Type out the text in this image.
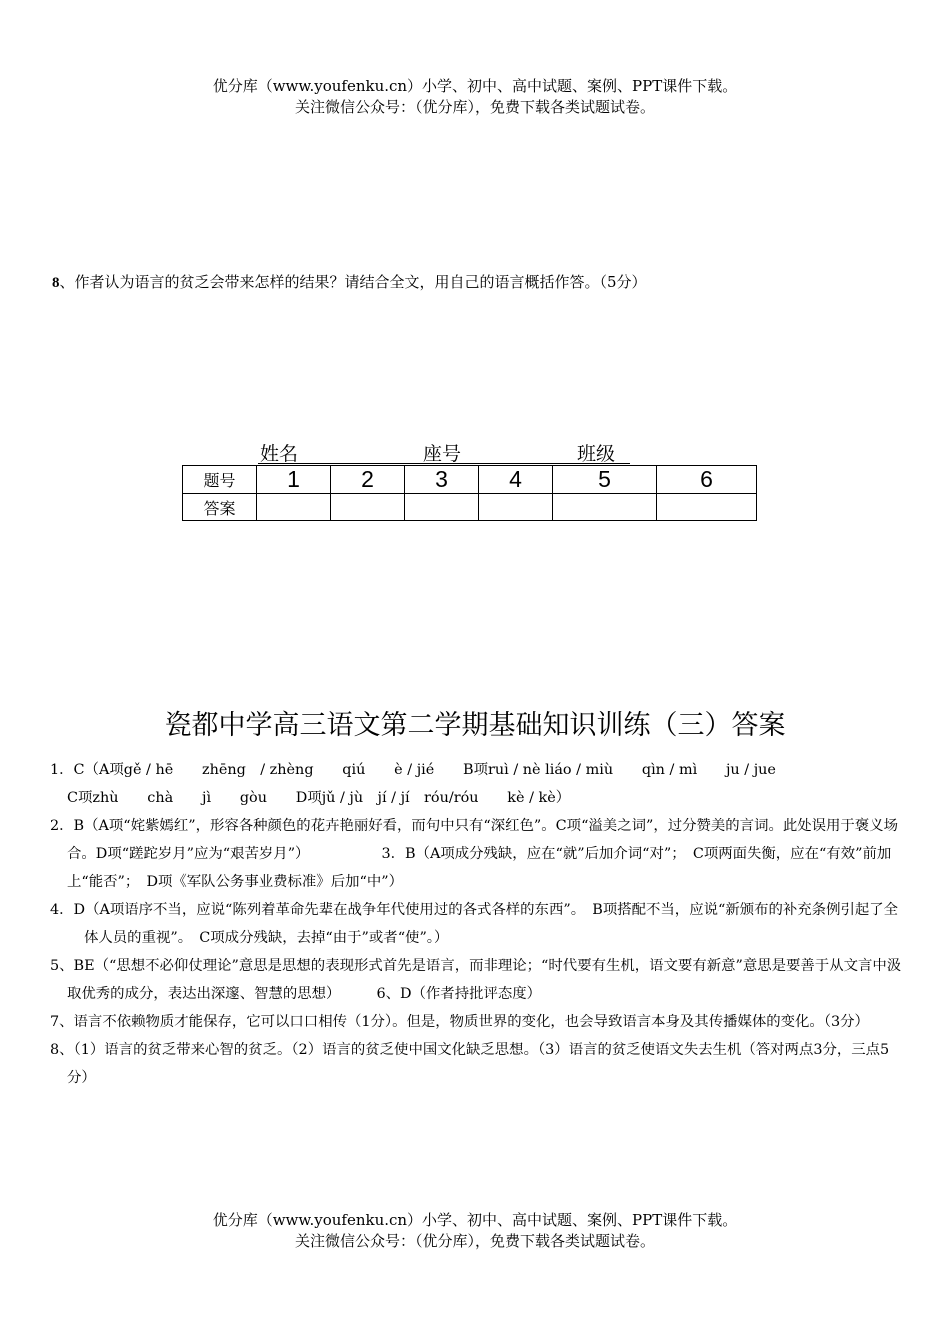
优分库（www.youfenku.cn）小学、初中、高中试题、案例、PPT课件下载。
关注微信公众号：（优分库），免费下载各类试题试卷。
8、作者认为语言的贫乏会带来怎样的结果？请结合全文，用自己的语言概括作答。（5分）
姓名	座号	班级
题号	1	2	3	4	5	6
答案						
瓷都中学高三语文第二学期基础知识训练（三）答案
1．C（A项gě / hē　　zhēng　/ zhèng　　qiú　　è / jié　　B项ruì / nè liáo / miù　　qìn / mì　　ju / jue
C项zhù　　chà　　jì　　gòu　　D项jǔ / jù　jí / jí　róu/róu　　kè / kè）
2．B（A项“姹紫嫣红”，形容各种颜色的花卉艳丽好看，而句中只有“深红色”。C项“溢美之词”，过分赞美的言词。此处误用于褒义场合。D项“蹉跎岁月”应为“艰苦岁月”）	3．B（A项成分残缺，应在“就”后加介词“对”；　C项两面失衡，应在“有效”前加上“能否”；　D项《军队公务事业费标准》后加“中”）
4．D（A项语序不当，应说“陈列着革命先辈在战争年代使用过的各式各样的东西”。　B项搭配不当，应说“新颁布的补充条例引起了全体人员的重视”。　C项成分残缺，去掉“由于”或者“使”。）
5、BE（“思想不必仰仗理论”意思是思想的表现形式首先是语言，而非理论；“时代要有生机，语文要有新意”意思是要善于从文言中汲取优秀的成分，表达出深邃、智慧的思想）	6、D（作者持批评态度）
7、语言不依赖物质才能保存，它可以口口相传（1分）。但是，物质世界的变化，也会导致语言本身及其传播媒体的变化。（3分）
8、（1）语言的贫乏带来心智的贫乏。（2）语言的贫乏使中国文化缺乏思想。（3）语言的贫乏使语文失去生机（答对两点3分，三点5分）
优分库（www.youfenku.cn）小学、初中、高中试题、案例、PPT课件下载。
关注微信公众号：（优分库），免费下载各类试题试卷。
